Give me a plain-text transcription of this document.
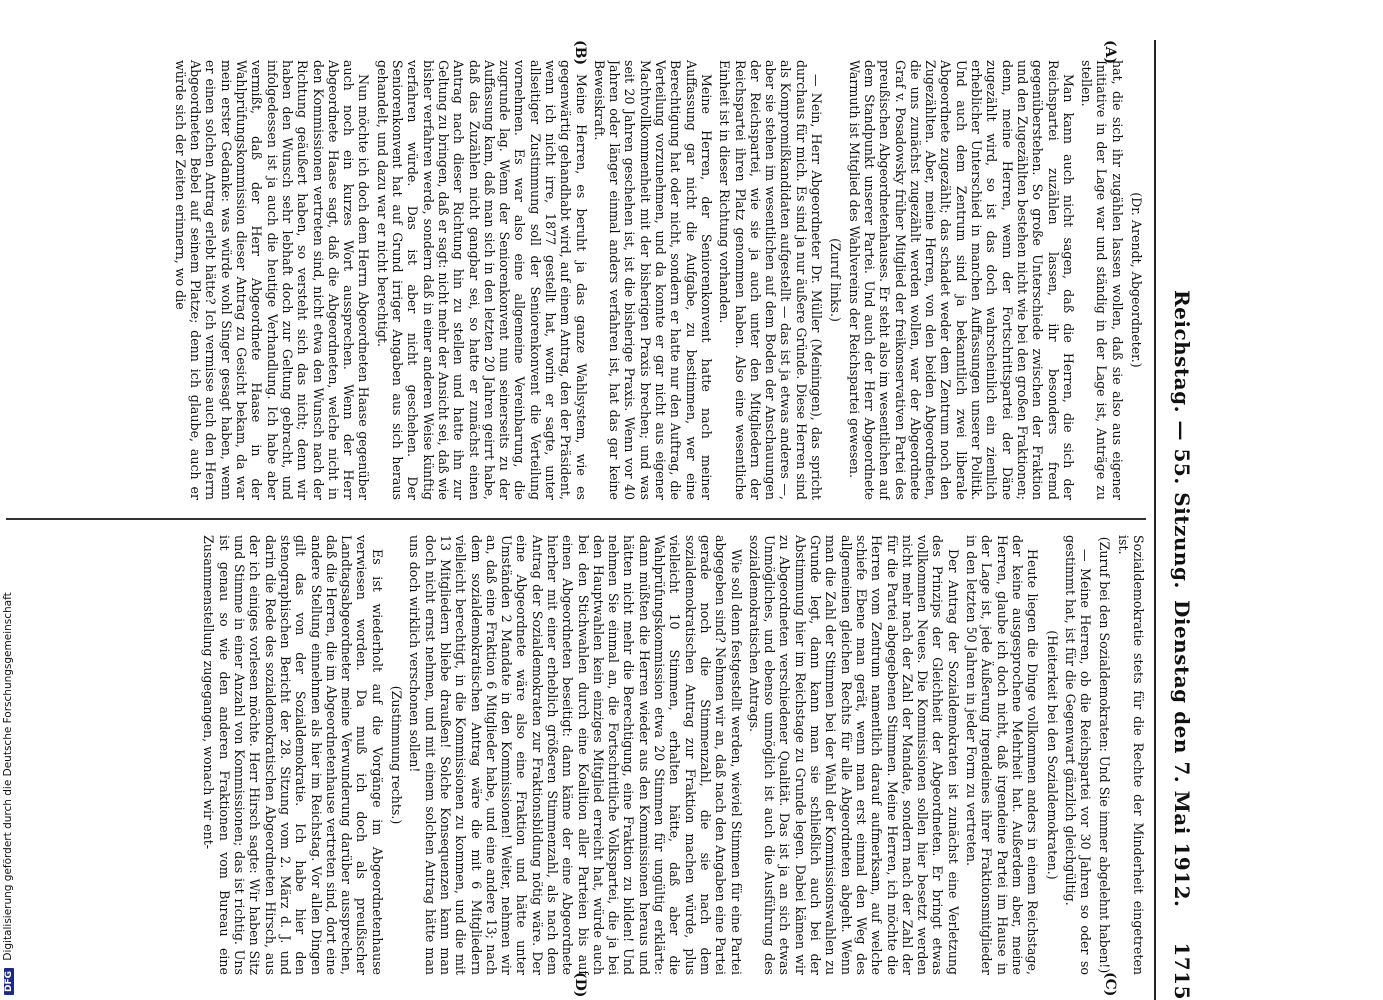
Reichstag. — 55. Sitzung.
Dienstag den 7. Mai 1912.
1715
(A)
(B)
(C)
(D)

(Dr. Arendt, Abgeordneter.)

hat, die sich ihr zugählen lassen wollen, daß sie also aus eigener Initiative in der Lage war und ständig in der Lage ist, Anträge zu stellen.

Man kann auch nicht sagen, daß die Herren, die sich der Reichspartei zuzählen lassen, ihr besonders fremd gegenüberstehen. So große Unterschiede zwischen der Fraktion und den Zugezählten bestehen nicht wie bei den großen Fraktionen; denn, meine Herren, wenn der Fortschrittspartei der Däne zugezählt wird, so ist das doch wahrscheinlich ein ziemlich erheblicher Unterschied in manchen Auffassungen unserer Politik. Und auch dem Zentrum sind ja bekanntlich zwei liberale Abgeordnete zugezählt; das schadet weder dem Zentrum noch den Zugezählten. Aber, meine Herren, von den beiden Abgeordneten, die uns zunächst zugezählt werden wollen, war der Abgeordnete Graf v. Posadowsky früher Mitglied der freikonservativen Partei des preußischen Abgeordnetenhauses. Er steht also im wesentlichen auf dem Standpunkt unserer Partei. Und auch der Herr Abgeordnete Warmuth ist Mitglied des Wahlvereins der Reichspartei gewesen.

(Zuruf links.)

— Nein, Herr Abgeordneter Dr. Müller (Meiningen), das spricht durchaus für mich. Es sind ja nur äußere Gründe. Diese Herren sind als Kompromißkandidaten aufgestellt — das ist ja etwas anderes —, aber sie stehen im wesentlichen auf dem Boden der Anschauungen der Reichspartei, wie sie ja auch unter den Mitgliedern der Reichspartei ihren Platz genommen haben. Also eine wesentliche Einheit ist in dieser Richtung vorhanden.

Meine Herren, der Seniorenkonvent hatte nach meiner Auffassung gar nicht die Aufgabe, zu bestimmen, wer eine Berechtigung hat oder nicht, sondern er hatte nur den Auftrag, die Verteilung vorzunehmen, und da konnte er gar nicht aus eigener Machtvollkommenheit mit der bisherigen Praxis brechen; und was seit 20 Jahren geschehen ist, ist die bisherige Praxis. Wenn vor 40 Jahren oder länger einmal anders verfahren ist, hat das gar keine Beweiskraft.

Meine Herren, es beruht ja das ganze Wahlsystem, wie es gegenwärtig gehandhabt wird, auf einem Antrag, den der Präsident, wenn ich nicht irre, 1877 gestellt hat, worin er sagte, unter allseitiger Zustimmung soll der Seniorenkonvent die Verteilung vornehmen. Es war also eine allgemeine Vereinbarung, die zugrunde lag. Wenn der Seniorenkonvent nun seinerseits zu der Auffassung kam, daß man sich in den letzten 20 Jahren geirrt habe, daß das Zuzählen nicht gangbar sei, so hatte er zunächst einen Antrag nach dieser Richtung hin zu stellen und hatte ihn zur Geltung zu bringen, daß er sagt: nicht mehr der Ansicht sei, daß wie bisher verfahren werde, sondern daß in einer anderen Weise künftig verfahren würde. Das ist aber nicht geschehen. Der Seniorenkonvent hat auf Grund irriger Angaben aus sich heraus gehandelt, und dazu war er nicht berechtigt.

Nun möchte ich doch dem Herrn Abgeordneten Haase gegenüber auch noch ein kurzes Wort aussprechen. Wenn der Herr Abgeordnete Haase sagt, daß die Abgeordneten, welche nicht in den Kommissionen vertreten sind, nicht etwa den Wunsch nach der Richtung geäußert haben, so versteht sich das nicht; denn wir haben den Wunsch sehr lebhaft doch zur Geltung gebracht, und infolgedessen ist ja auch die heutige Verhandlung. Ich habe aber vermißt, daß der Herr Abgeordnete Haase in der Wahlprüfungskommission dieser Antrag zu Gesicht bekam, da war mein erster Gedanke: was würde wohl Singer gesagt haben, wenn er einen solchen Antrag erlebt hätte? Ich vermisse auch den Herrn Abgeordneten Bebel auf seinem Platze; denn ich glaube, auch er würde sich der Zeiten erinnern, wo die

Sozialdemokratie stets für die Rechte der Minderheit eingetreten ist.

(Zuruf bei den Sozialdemokraten: Und Sie immer abgelehnt haben!)

— Meine Herren, ob die Reichspartei vor 30 Jahren so oder so gestimmt hat, ist für die Gegenwart gänzlich gleichgültig.

(Heiterkeit bei den Sozialdemokraten.)

Heute liegen die Dinge vollkommen anders in einem Reichstage, der keine ausgesprochene Mehrheit hat. Außerdem aber, meine Herren, glaube ich doch nicht, daß irgendeine Partei im Hause in der Lage ist, jede Äußerung irgendeines ihrer Fraktionsmitglieder in den letzten 50 Jahren in jeder Form zu vertreten.

Der Antrag der Sozialdemokraten ist zunächst eine Verletzung des Prinzips der Gleichheit der Abgeordneten. Er bringt etwas vollkommen Neues. Die Kommissionen sollen hier besetzt werden nicht mehr nach der Zahl der Mandate, sondern nach der Zahl der für die Partei abgegebenen Stimmen. Meine Herren, ich möchte die Herren vom Zentrum namentlich darauf aufmerksam, auf welche schiefe Ebene man gerät, wenn man erst einmal den Weg des allgemeinen gleichen Rechts für alle Abgeordneten abgeht. Wenn man die Zahl der Stimmen bei der Wahl der Kommissionswahlen zu Grunde legt, dann kann man sie schließlich auch bei der Abstimmung hier im Reichstage zu Grunde legen. Dabei kämen wir zu Abgeordneten verschiedener Qualität. Das ist ja an sich etwas Unmögliches, und ebenso unmöglich ist auch die Ausführung des sozialdemokratischen Antrags.

Wie soll denn festgestellt werden, wieviel Stimmen für eine Partei abgegeben sind? Nehmen wir an, daß nach den Angaben eine Partei gerade noch die Stimmenzahl, die sie nach dem sozialdemokratischen Antrag zur Fraktion machen würde, plus vielleicht 10 Stimmen, erhalten hätte, daß aber die Wahlprüfungskommission etwa 20 Stimmen für ungültig erklärte: dann müßten die Herren wieder aus den Kommissionen heraus und hätten nicht mehr die Berechtigung, eine Fraktion zu bilden! Und nehmen Sie einmal an, die Fortschrittliche Volkspartei, die ja bei den Hauptwahlen kein einziges Mitglied erreicht hat, würde auch bei den Stichwahlen durch eine Koalition aller Parteien bis auf einen Abgeordneten beseitigt: dann käme der eine Abgeordnete hierher mit einer erheblich größeren Stimmenzahl, als nach dem Antrag der Sozialdemokraten zur Fraktionsbildung nötig wäre. Der eine Abgeordnete wäre also eine Fraktion und hätte unter Umständen 2 Mandate in den Kommissionen! Weiter, nehmen wir an, daß eine Fraktion 6 Mitglieder habe, und eine andere 13; nach dem sozialdemokratischen Antrag wäre die mit 6 Mitgliedern vielleicht berechtigt, in die Kommissionen zu kommen, und die mit 13 Mitgliedern bliebe draußen! Solche Konsequenzen kann man doch nicht ernst nehmen, und mit einem solchen Antrag hätte man uns doch wirklich verschonen sollen!

(Zustimmung rechts.)

Es ist wiederholt auf die Vorgänge im Abgeordnetenhause verwiesen worden. Da muß ich doch als preußischer Landtagsabgeordneter meine Verwunderung darüber aussprechen, daß die Herren, die im Abgeordnetenhause vertreten sind, dort eine andere Stellung einnehmen als hier im Reichstag. Vor allen Dingen gilt das von der Sozialdemokratie. Ich habe hier den stenographischen Bericht der 28. Sitzung vom 2. März d. J. und darin die Rede des sozialdemokratischen Abgeordneten Hirsch, aus der ich einiges vorlesen möchte. Herr Hirsch sagte: Wir haben Sitz und Stimme in einer Anzahl von Kommissionen; das ist richtig. Uns ist genau so wie den anderen Fraktionen vom Bureau eine Zusammenstellung zugegangen, wonach wir ent-

DFG Digitalisierung gefördert durch die Deutsche Forschungsgemeinschaft
